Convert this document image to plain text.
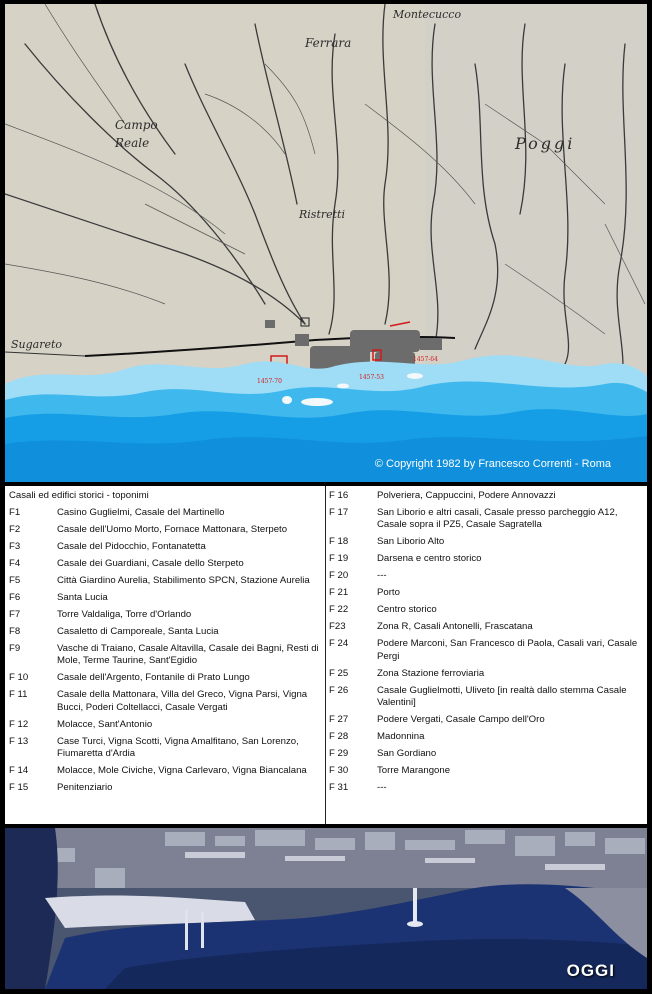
Montecucco
Ferrara
Campo Reale	Poggi
Ristretti
Sugareto
1457-70
1457-53
1457-64
© Copyright 1982 by Francesco Correnti - Roma
Casali ed edifici storici - toponimi
F1	Casino Guglielmi, Casale del Martinello
F2	Casale dell'Uomo Morto, Fornace Mattonara, Sterpeto
F3	Casale del Pidocchio, Fontanatetta
F4	Casale dei Guardiani, Casale dello Sterpeto
F5	Città Giardino Aurelia, Stabilimento SPCN, Stazione Aurelia
F6	Santa Lucia
F7	Torre Valdaliga, Torre d'Orlando
F8	Casaletto di Camporeale, Santa Lucia
F9	Vasche di Traiano, Casale Altavilla, Casale dei Bagni, Resti di Mole, Terme Taurine, Sant'Egidio
F 10	Casale dell'Argento, Fontanile di Prato Lungo
F 11	Casale della Mattonara, Villa del Greco, Vigna Parsi, Vigna Bucci, Poderi Coltellacci, Casale Vergati
F 12	Molacce, Sant'Antonio
F 13	Case Turci, Vigna Scotti, Vigna Amalfitano, San Lorenzo, Fiumaretta d'Ardia
F 14	Molacce, Mole Civiche, Vigna Carlevaro, Vigna Biancalana
F 15	Penitenziario
F 16	Polveriera, Cappuccini, Podere Annovazzi
F 17	San Liborio e altri casali, Casale presso parcheggio A12, Casale sopra il PZ5, Casale Sagratella
F 18	San Liborio Alto
F 19	Darsena e centro storico
F 20	---
F 21	Porto
F 22	Centro storico
F23	Zona R, Casali Antonelli, Frascatana
F 24	Podere Marconi, San Francesco di Paola, Casali vari, Casale Pergi
F 25	Zona Stazione ferroviaria
F 26	Casale Guglielmotti, Uliveto [in realtà dallo stemma Casale Valentini]
F 27	Podere Vergati, Casale Campo dell'Oro
F 28	Madonnina
F 29	San Gordiano
F 30	Torre Marangone
F 31	---
OGGI
